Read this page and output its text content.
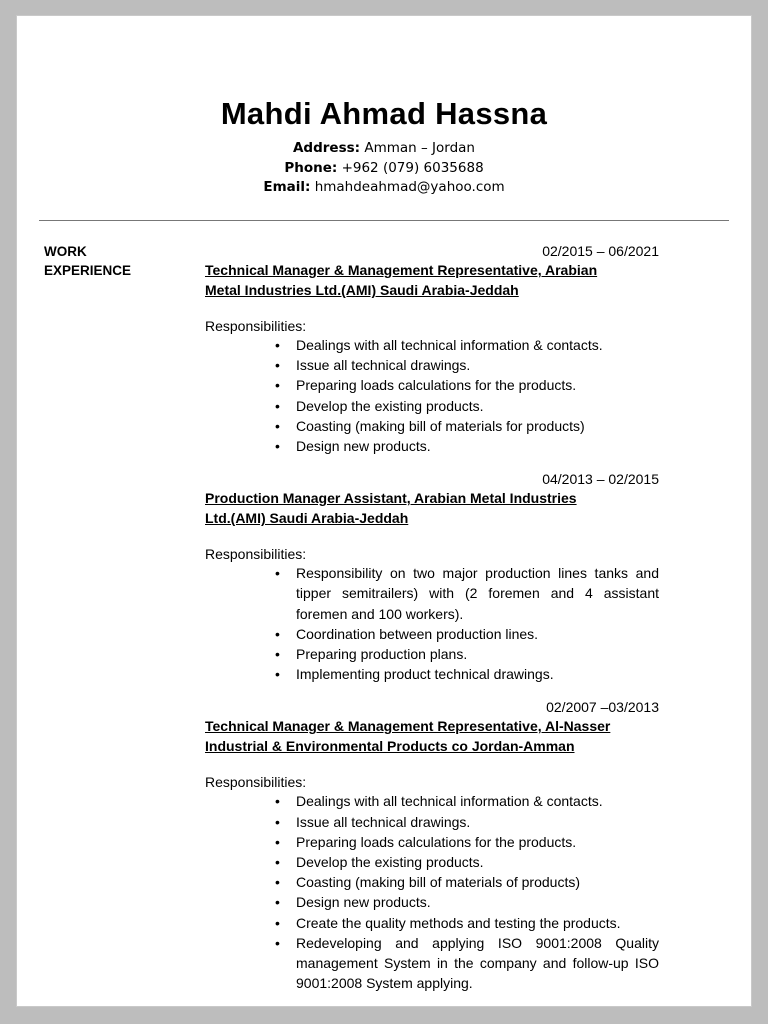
Mahdi Ahmad Hassna
Address: Amman – Jordan
Phone: +962 (079) 6035688
Email: hmahdeahmad@yahoo.com
WORK
EXPERIENCE
02/2015 – 06/2021
Technical Manager & Management Representative, Arabian
Metal Industries Ltd.(AMI) Saudi Arabia-Jeddah
Responsibilities:
• Dealings with all technical information & contacts.
• Issue all technical drawings.
• Preparing loads calculations for the products.
• Develop the existing products.
• Coasting (making bill of materials for products)
• Design new products.
04/2013 – 02/2015
Production Manager Assistant, Arabian Metal Industries
Ltd.(AMI) Saudi Arabia-Jeddah
Responsibilities:
• Responsibility on two major production lines tanks and tipper semitrailers) with (2 foremen and 4 assistant foremen and 100 workers).
• Coordination between production lines.
• Preparing production plans.
• Implementing product technical drawings.
02/2007 –03/2013
Technical Manager & Management Representative, Al-Nasser
Industrial & Environmental Products co Jordan-Amman
Responsibilities:
• Dealings with all technical information & contacts.
• Issue all technical drawings.
• Preparing loads calculations for the products.
• Develop the existing products.
• Coasting (making bill of materials of products)
• Design new products.
• Create the quality methods and testing the products.
• Redeveloping and applying ISO 9001:2008 Quality management System in the company and follow-up ISO 9001:2008 System applying.
